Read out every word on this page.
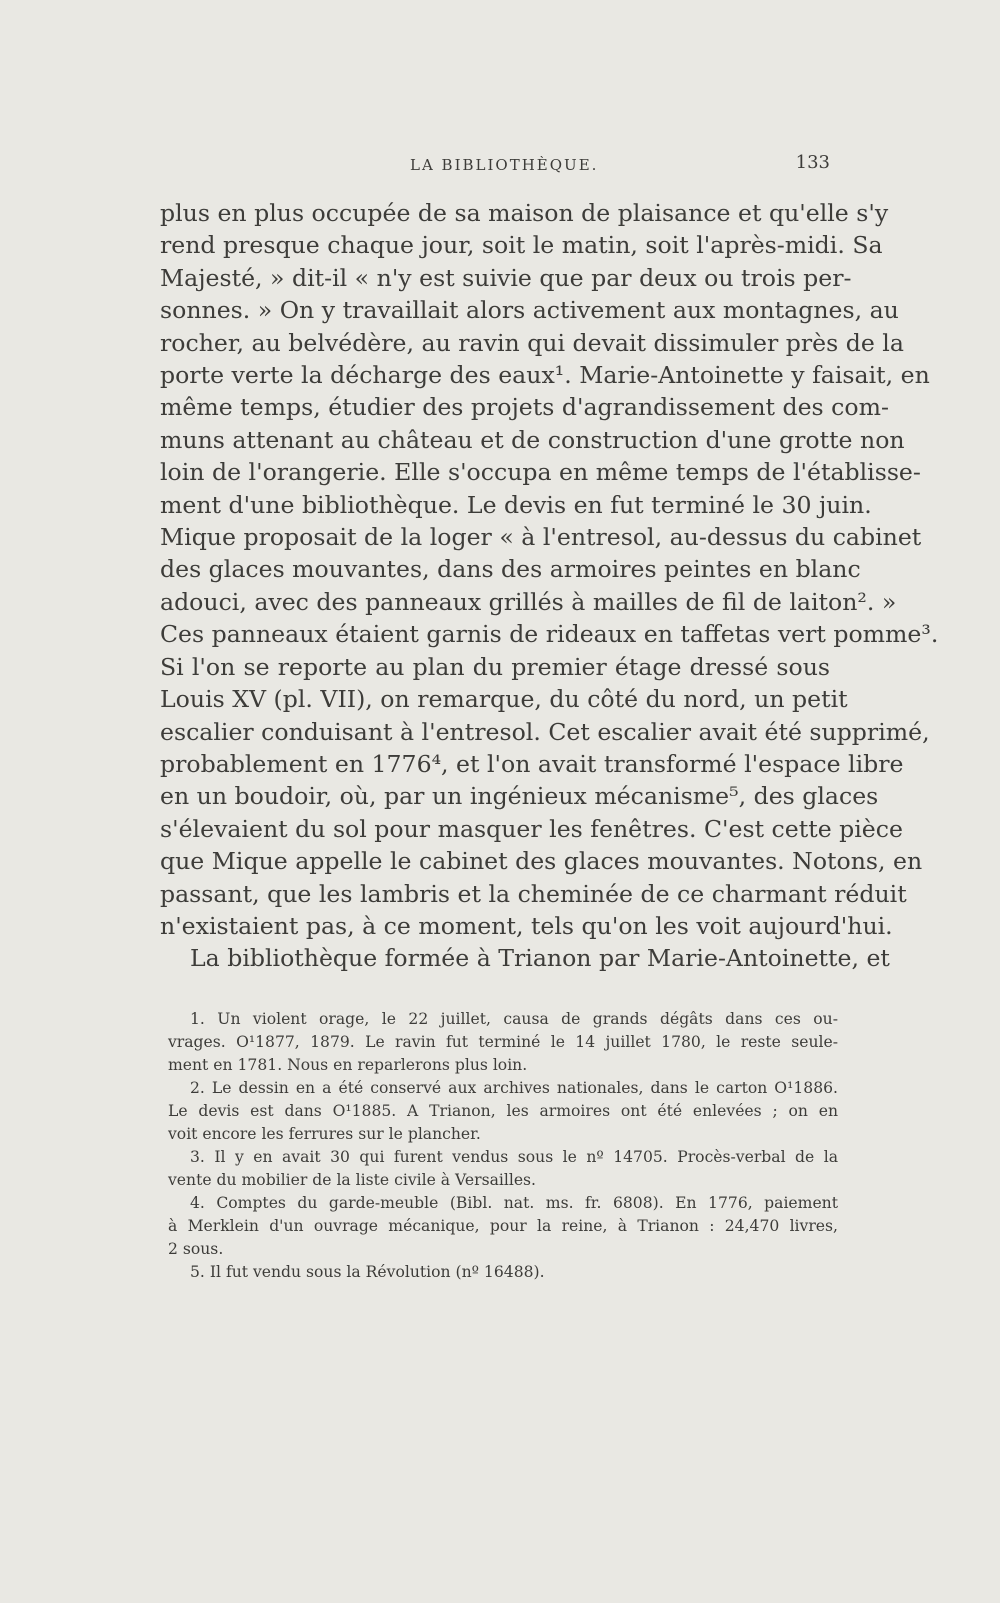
LA BIBLIOTHÈQUE.	133
plus en plus occupée de sa maison de plaisance et qu'elle s'y
rend presque chaque jour, soit le matin, soit l'après-midi. Sa
Majesté, » dit-il « n'y est suivie que par deux ou trois per-
sonnes. » On y travaillait alors activement aux montagnes, au
rocher, au belvédère, au ravin qui devait dissimuler près de la
porte verte la décharge des eaux¹. Marie-Antoinette y faisait, en
même temps, étudier des projets d'agrandissement des com-
muns attenant au château et de construction d'une grotte non
loin de l'orangerie. Elle s'occupa en même temps de l'établisse-
ment d'une bibliothèque. Le devis en fut terminé le 30 juin.
Mique proposait de la loger « à l'entresol, au-dessus du cabinet
des glaces mouvantes, dans des armoires peintes en blanc
adouci, avec des panneaux grillés à mailles de fil de laiton². »
Ces panneaux étaient garnis de rideaux en taffetas vert pomme³.
Si l'on se reporte au plan du premier étage dressé sous
Louis XV (pl. VII), on remarque, du côté du nord, un petit
escalier conduisant à l'entresol. Cet escalier avait été supprimé,
probablement en 1776⁴, et l'on avait transformé l'espace libre
en un boudoir, où, par un ingénieux mécanisme⁵, des glaces
s'élevaient du sol pour masquer les fenêtres. C'est cette pièce
que Mique appelle le cabinet des glaces mouvantes. Notons, en
passant, que les lambris et la cheminée de ce charmant réduit
n'existaient pas, à ce moment, tels qu'on les voit aujourd'hui.
La bibliothèque formée à Trianon par Marie-Antoinette, et
1. Un violent orage, le 22 juillet, causa de grands dégâts dans ces ou-
vrages. O¹1877, 1879. Le ravin fut terminé le 14 juillet 1780, le reste seule-
ment en 1781. Nous en reparlerons plus loin.
2. Le dessin en a été conservé aux archives nationales, dans le carton O¹1886.
Le devis est dans O¹1885. A Trianon, les armoires ont été enlevées ; on en
voit encore les ferrures sur le plancher.
3. Il y en avait 30 qui furent vendus sous le nº 14705. Procès-verbal de la
vente du mobilier de la liste civile à Versailles.
4. Comptes du garde-meuble (Bibl. nat. ms. fr. 6808). En 1776, paiement
à Merklein d'un ouvrage mécanique, pour la reine, à Trianon : 24,470 livres,
2 sous.
5. Il fut vendu sous la Révolution (nº 16488).
